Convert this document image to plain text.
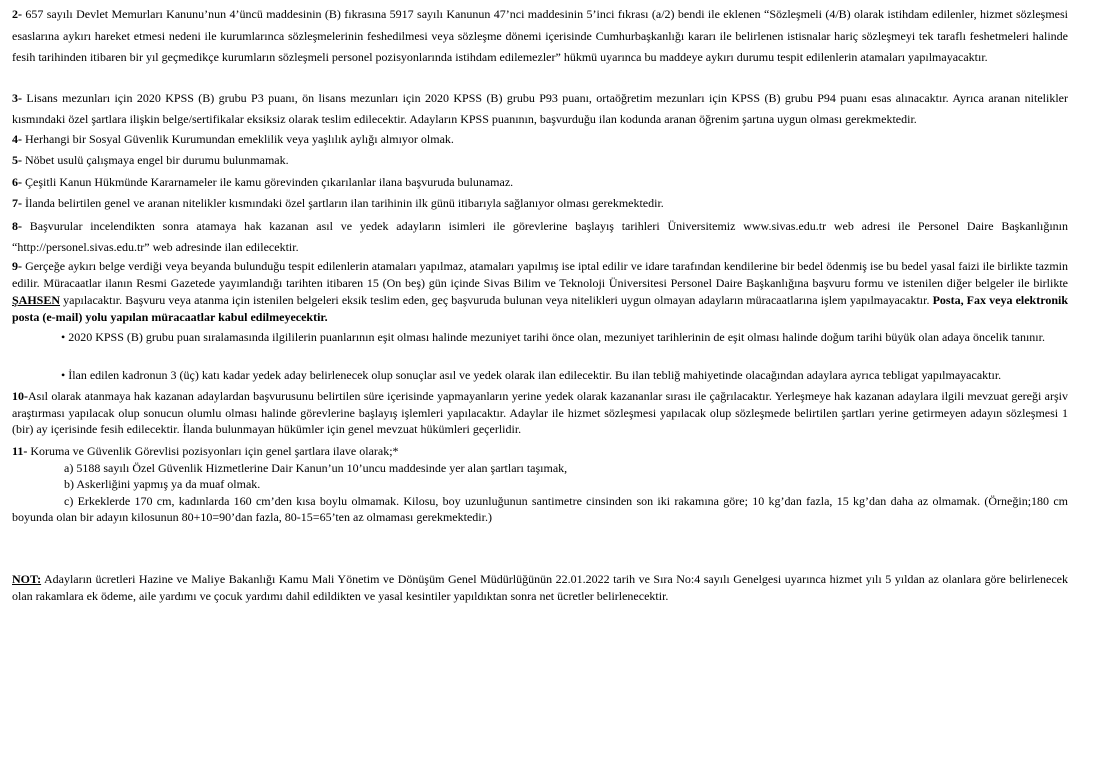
2- 657 sayılı Devlet Memurları Kanunu’nun 4’üncü maddesinin (B) fıkrasına 5917 sayılı Kanunun 47’nci maddesinin 5’inci fıkrası (a/2) bendi ile eklenen “Sözleşmeli (4/B) olarak istihdam edilenler, hizmet sözleşmesi esaslarına aykırı hareket etmesi nedeni ile kurumlarınca sözleşmelerinin feshedilmesi veya sözleşme dönemi içerisinde Cumhurbaşkanlığı kararı ile belirlenen istisnalar hariç sözleşmeyi tek taraflı feshetmeleri halinde fesih tarihinden itibaren bir yıl geçmedikçe kurumların sözleşmeli personel pozisyonlarında istihdam edilemezler” hükmü uyarınca bu maddeye aykırı durumu tespit edilenlerin atamaları yapılmayacaktır.
3- Lisans mezunları için 2020 KPSS (B) grubu P3 puanı, ön lisans mezunları için 2020 KPSS (B) grubu P93 puanı, ortaöğretim mezunları için KPSS (B) grubu P94 puanı esas alınacaktır. Ayrıca aranan nitelikler kısmındaki özel şartlara ilişkin belge/sertifikalar eksiksiz olarak teslim edilecektir. Adayların KPSS puanının, başvurduğu ilan kodunda aranan öğrenim şartına uygun olması gerekmektedir.
4- Herhangi bir Sosyal Güvenlik Kurumundan emeklilik veya yaşlılık aylığı almıyor olmak.
5- Nöbet usulü çalışmaya engel bir durumu bulunmamak.
6- Çeşitli Kanun Hükmünde Kararnameler ile kamu görevinden çıkarılanlar ilana başvuruda bulunamaz.
7- İlanda belirtilen genel ve aranan nitelikler kısmındaki özel şartların ilan tarihinin ilk günü itibarıyla sağlanıyor olması gerekmektedir.
8- Başvurular incelendikten sonra atamaya hak kazanan asıl ve yedek adayların isimleri ile görevlerine başlayış tarihleri Üniversitemiz www.sivas.edu.tr web adresi ile Personel Daire Başkanlığının “http://personel.sivas.edu.tr” web adresinde ilan edilecektir.
9- Gerçeğe aykırı belge verdiği veya beyanda bulunduğu tespit edilenlerin atamaları yapılmaz, atamaları yapılmış ise iptal edilir ve idare tarafından kendilerine bir bedel ödenmiş ise bu bedel yasal faizi ile birlikte tazmin edilir. Müracaatlar ilanın Resmi Gazetede yayımlandığı tarihten itibaren 15 (On beş) gün içinde Sivas Bilim ve Teknoloji Üniversitesi Personel Daire Başkanlığına başvuru formu ve istenilen diğer belgeler ile birlikte ŞAHSEN yapılacaktır. Başvuru veya atanma için istenilen belgeleri eksik teslim eden, geç başvuruda bulunan veya nitelikleri uygun olmayan adayların müracaatlarına işlem yapılmayacaktır. Posta, Fax veya elektronik posta (e-mail) yolu yapılan müracaatlar kabul edilmeyecektir.
• 2020 KPSS (B) grubu puan sıralamasında ilgililerin puanlarının eşit olması halinde mezuniyet tarihi önce olan, mezuniyet tarihlerinin de eşit olması halinde doğum tarihi büyük olan adaya öncelik tanınır.
• İlan edilen kadronun 3 (üç) katı kadar yedek aday belirlenecek olup sonuçlar asıl ve yedek olarak ilan edilecektir. Bu ilan tebliğ mahiyetinde olacağından adaylara ayrıca tebligat yapılmayacaktır.
10-Asıl olarak atanmaya hak kazanan adaylardan başvurusunu belirtilen süre içerisinde yapmayanların yerine yedek olarak kazananlar sırası ile çağrılacaktır. Yerleşmeye hak kazanan adaylara ilgili mevzuat gereği arşiv araştırması yapılacak olup sonucun olumlu olması halinde görevlerine başlayış işlemleri yapılacaktır. Adaylar ile hizmet sözleşmesi yapılacak olup sözleşmede belirtilen şartları yerine getirmeyen adayın sözleşmesi 1 (bir) ay içerisinde fesih edilecektir. İlanda bulunmayan hükümler için genel mevzuat hükümleri geçerlidir.
11- Koruma ve Güvenlik Görevlisi pozisyonları için genel şartlara ilave olarak;*
a) 5188 sayılı Özel Güvenlik Hizmetlerine Dair Kanun’un 10’uncu maddesinde yer alan şartları taşımak,
b) Askerliğini yapmış ya da muaf olmak.
c) Erkeklerde 170 cm, kadınlarda 160 cm’den kısa boylu olmamak. Kilosu, boy uzunluğunun santimetre cinsinden son iki rakamına göre; 10 kg’dan fazla, 15 kg’dan daha az olmamak. (Örneğin;180 cm boyunda olan bir adayın kilosunun 80+10=90’dan fazla, 80-15=65’ten az olmaması gerekmektedir.)
NOT: Adayların ücretleri Hazine ve Maliye Bakanlığı Kamu Mali Yönetim ve Dönüşüm Genel Müdürlüğünün 22.01.2022 tarih ve Sıra No:4 sayılı Genelgesi uyarınca hizmet yılı 5 yıldan az olanlara göre belirlenecek olan rakamlara ek ödeme, aile yardımı ve çocuk yardımı dahil edildikten ve yasal kesintiler yapıldıktan sonra net ücretler belirlenecektir.
